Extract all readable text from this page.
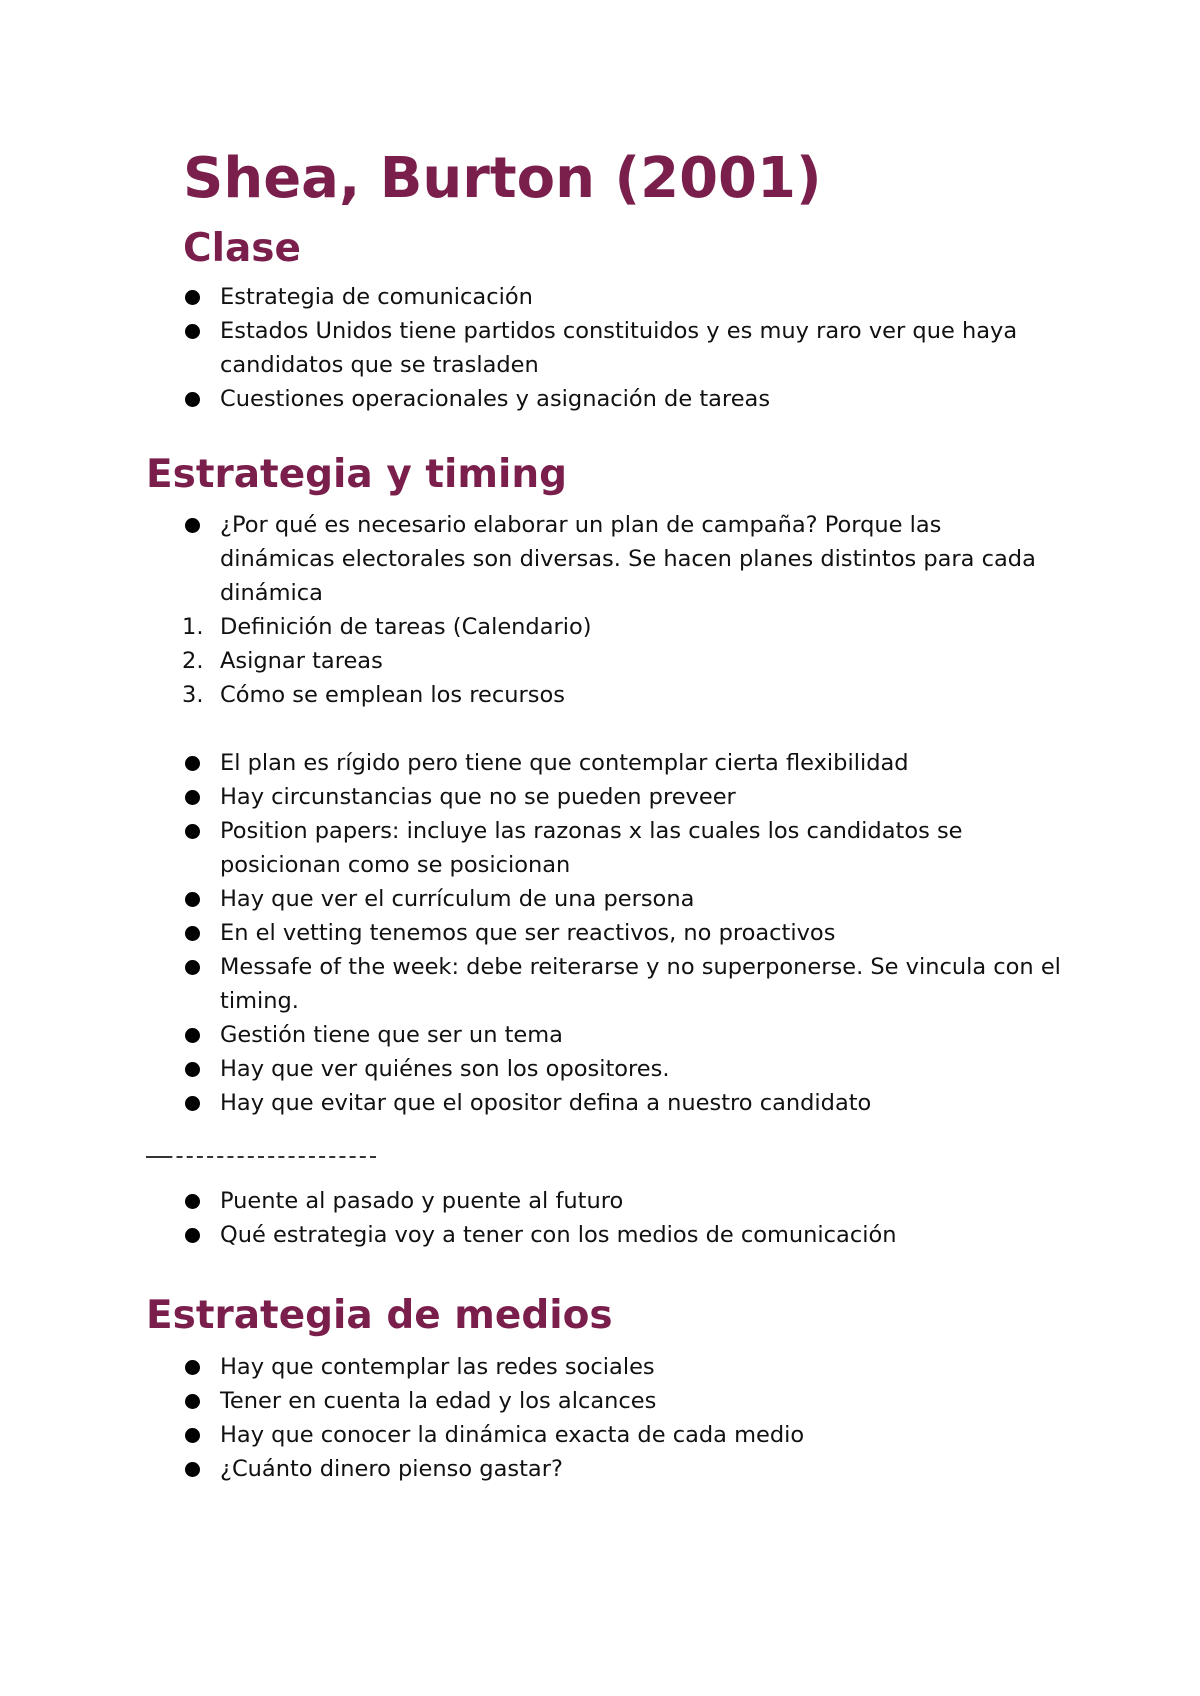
Shea, Burton (2001)
Clase
Estrategia de comunicación
Estados Unidos tiene partidos constituidos y es muy raro ver que haya candidatos que se trasladen
Cuestiones operacionales y asignación de tareas
Estrategia y timing
¿Por qué es necesario elaborar un plan de campaña? Porque las dinámicas electorales son diversas. Se hacen planes distintos para cada dinámica
1. Definición de tareas (Calendario)
2. Asignar tareas
3. Cómo se emplean los recursos
El plan es rígido pero tiene que contemplar cierta flexibilidad
Hay circunstancias que no se pueden preveer
Position papers: incluye las razonas x las cuales los candidatos se posicionan como se posicionan
Hay que ver el currículum de una persona
En el vetting tenemos que ser reactivos, no proactivos
Messafe of the week: debe reiterarse y no superponerse. Se vincula con el timing.
Gestión tiene que ser un tema
Hay que ver quiénes son los opositores.
Hay que evitar que el opositor defina a nuestro candidato
Puente al pasado y puente al futuro
Qué estrategia voy a tener con los medios de comunicación
Estrategia de medios
Hay que contemplar las redes sociales
Tener en cuenta la edad y los alcances
Hay que conocer la dinámica exacta de cada medio
¿Cuánto dinero pienso gastar?
